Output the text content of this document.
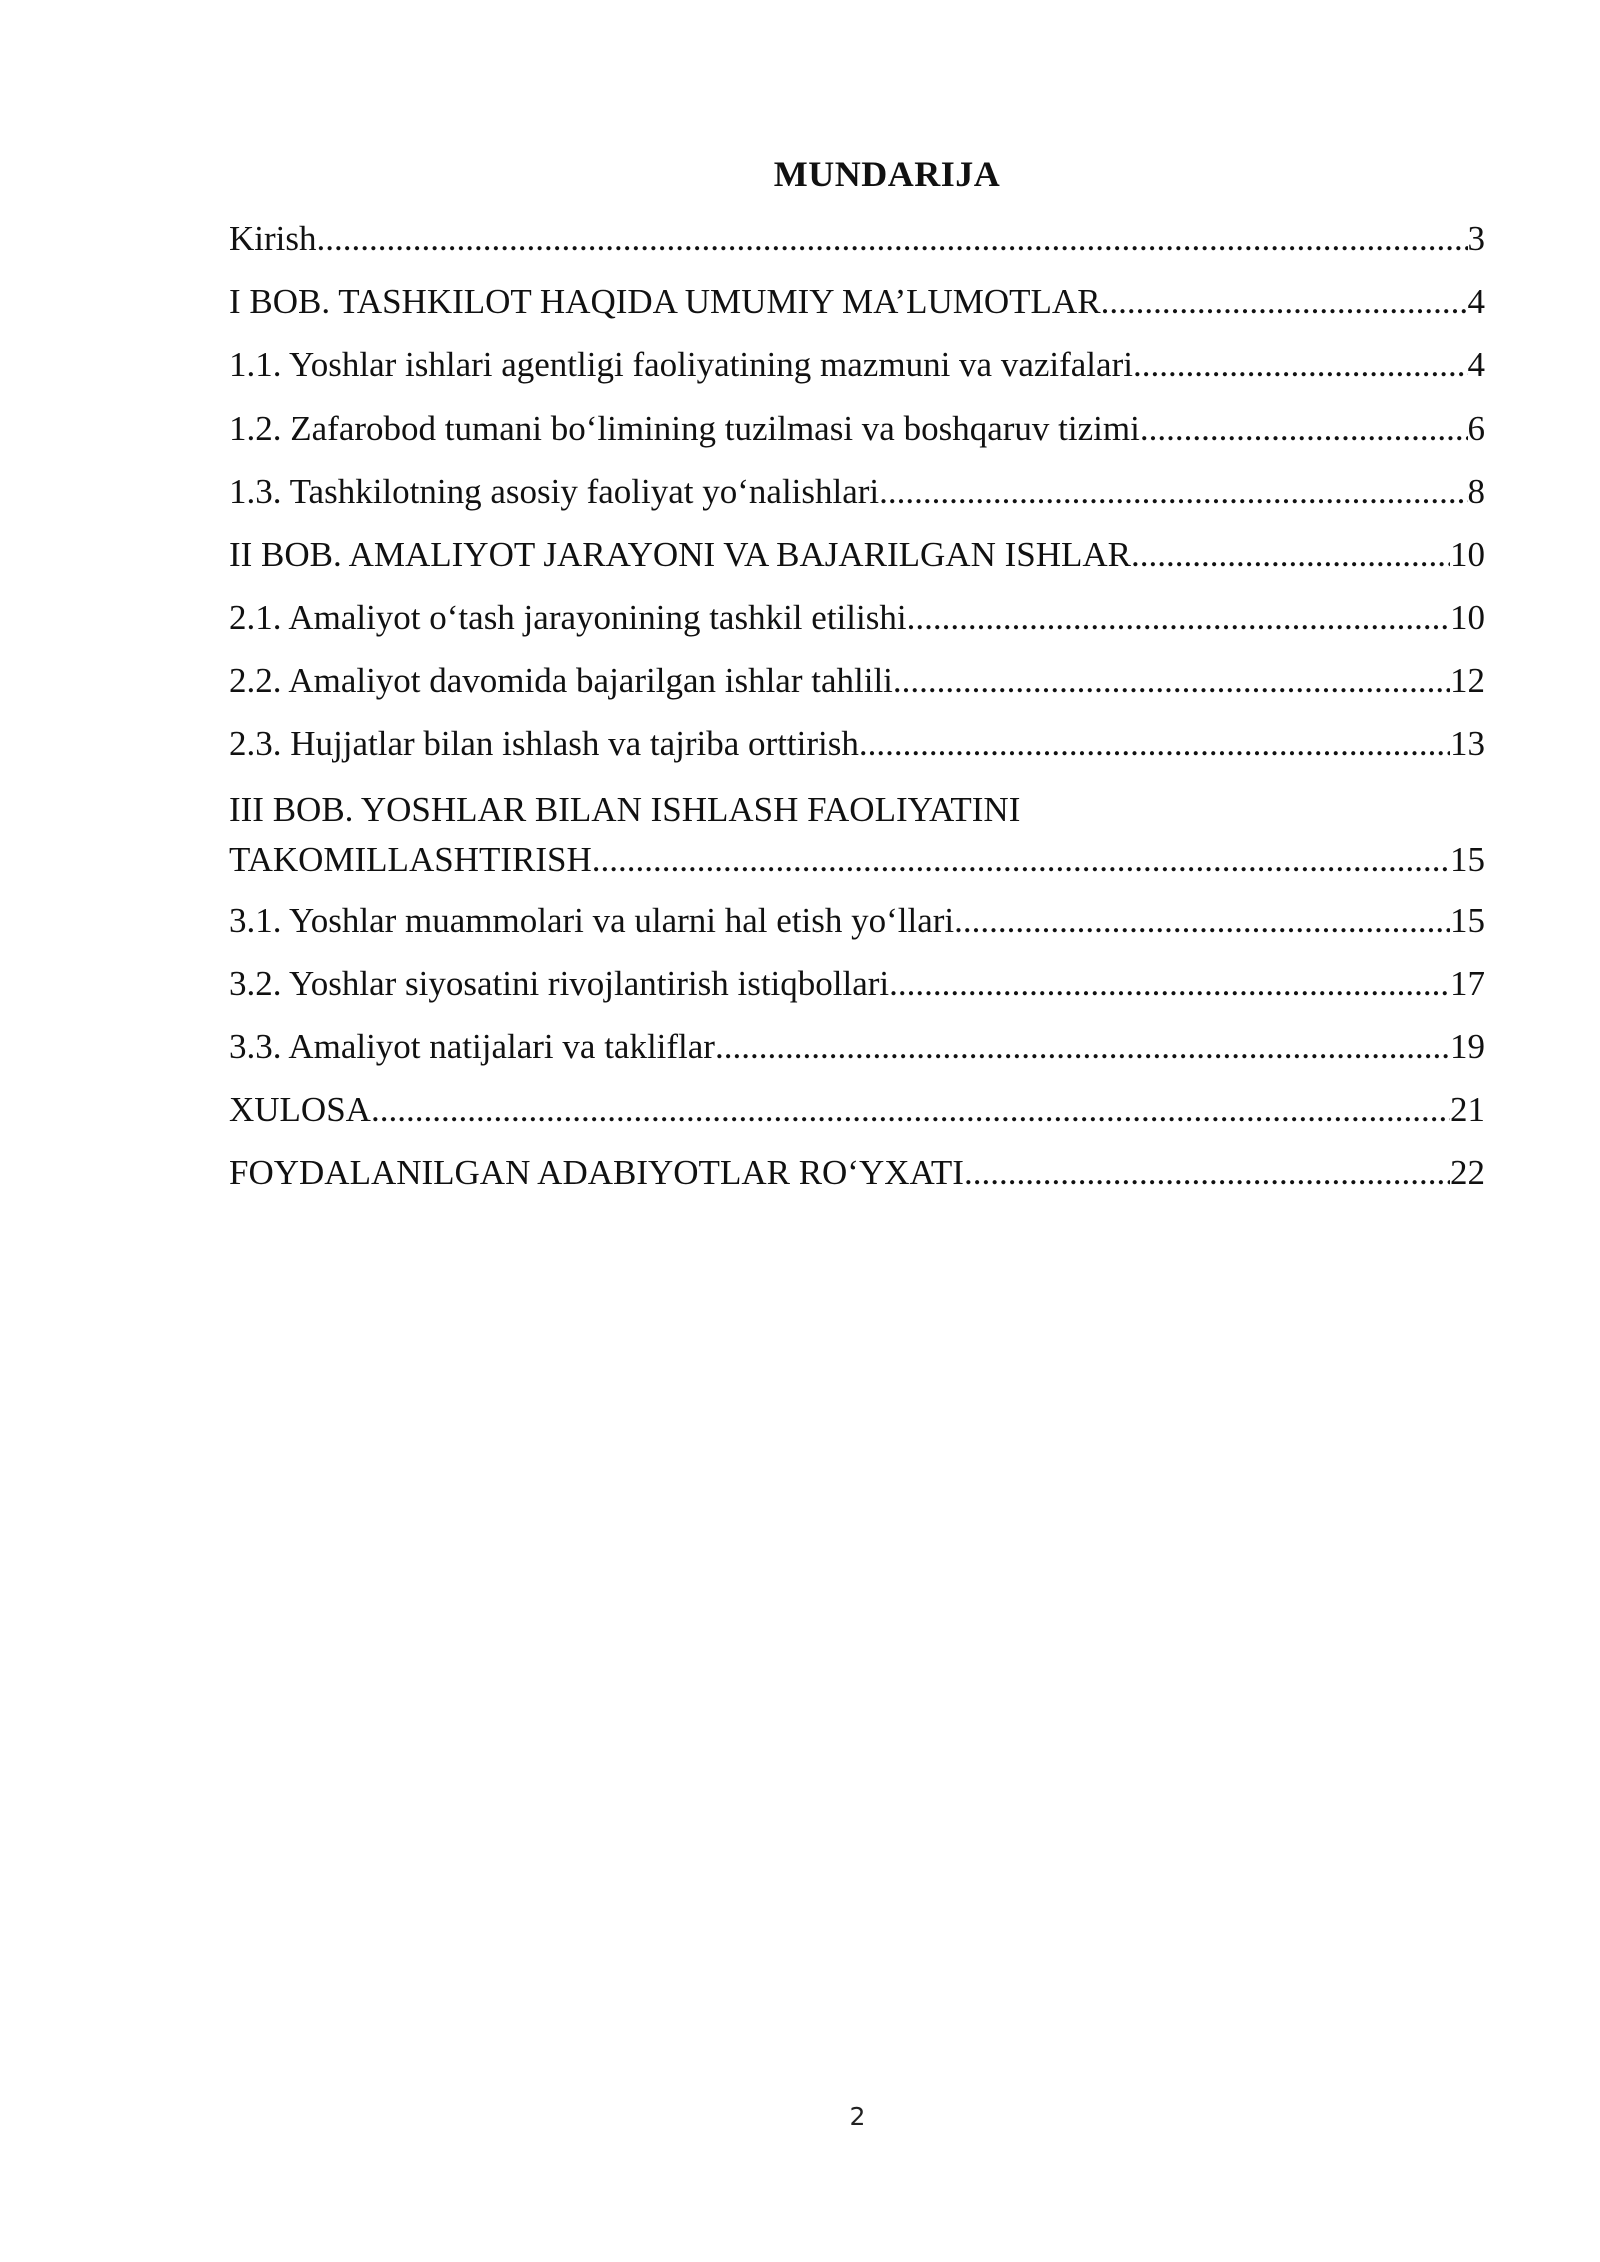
MUNDARIJA
Kirish .....	3
I BOB. TASHKILOT HAQIDA UMUMIY MA’LUMOTLAR .....	4
1.1. Yoshlar ishlari agentligi faoliyatining mazmuni va vazifalari .....	4
1.2. Zafarobod tumani bo‘limining tuzilmasi va boshqaruv tizimi .....	6
1.3. Tashkilotning asosiy faoliyat yo‘nalishlari .....	8
II BOB. AMALIYOT JARAYONI VA BAJARILGAN ISHLAR .....	10
2.1. Amaliyot o‘tash jarayonining tashkil etilishi .....	10
2.2. Amaliyot davomida bajarilgan ishlar tahlili .....	12
2.3. Hujjatlar bilan ishlash va tajriba orttirish .....	13
III BOB. YOSHLAR BILAN ISHLASH FAOLIYATINI
TAKOMILLASHTIRISH .....	15
3.1. Yoshlar muammolari va ularni hal etish yo‘llari .....	15
3.2. Yoshlar siyosatini rivojlantirish istiqbollari .....	17
3.3. Amaliyot natijalari va takliflar .....	19
XULOSA .....	21
FOYDALANILGAN ADABIYOTLAR RO‘YXATI .....	22
2
